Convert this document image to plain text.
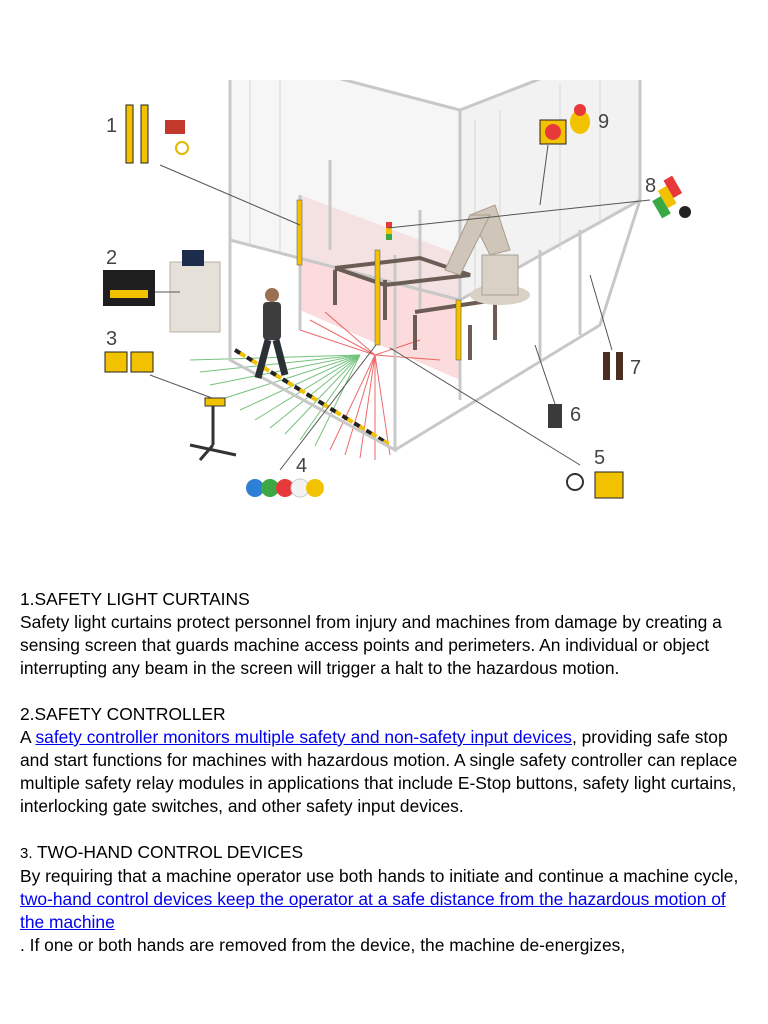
1
2
3
4	5
6
7
8
9

1.SAFETY LIGHT CURTAINS
Safety light curtains protect personnel from injury and machines from damage by creating a sensing screen that guards machine access points and perimeters. An individual or object interrupting any beam in the screen will trigger a halt to the hazardous motion.

2.SAFETY CONTROLLER
A safety controller monitors multiple safety and non-safety input devices, providing safe stop and start functions for machines with hazardous motion. A single safety controller can replace multiple safety relay modules in applications that include E-Stop buttons, safety light curtains, interlocking gate switches, and other safety input devices.

3. TWO-HAND CONTROL DEVICES
By requiring that a machine operator use both hands to initiate and continue a machine cycle,
two-hand control devices keep the operator at a safe distance from the hazardous motion of the machine
. If one or both hands are removed from the device, the machine de-energizes,
